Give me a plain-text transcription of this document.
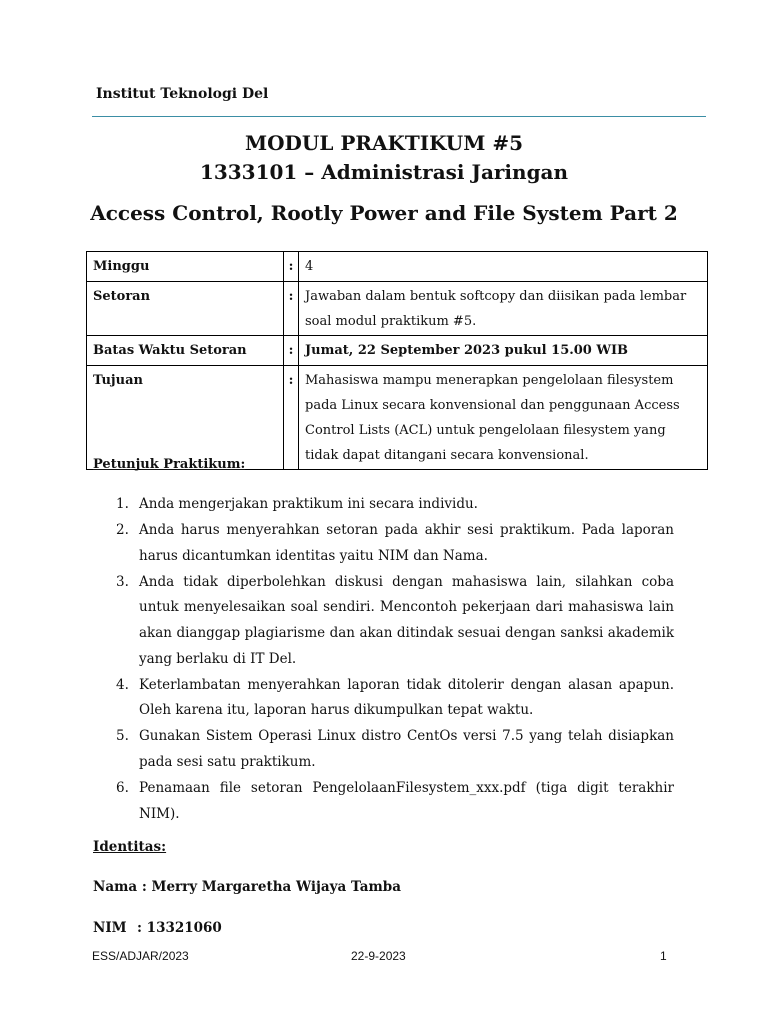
Institut Teknologi Del
MODUL PRAKTIKUM #5
1333101 – Administrasi Jaringan
Access Control, Rootly Power and File System Part 2
Minggu	:	4
Setoran	:	Jawaban dalam bentuk softcopy dan diisikan pada lembar soal modul praktikum #5.
Batas Waktu Setoran	:	Jumat, 22 September 2023 pukul 15.00 WIB
Tujuan	:	Mahasiswa mampu menerapkan pengelolaan filesystem pada Linux secara konvensional dan penggunaan Access Control Lists (ACL) untuk pengelolaan filesystem yang tidak dapat ditangani secara konvensional.
Petunjuk Praktikum:
1. Anda mengerjakan praktikum ini secara individu.
2. Anda harus menyerahkan setoran pada akhir sesi praktikum. Pada laporan harus dicantumkan identitas yaitu NIM dan Nama.
3. Anda tidak diperbolehkan diskusi dengan mahasiswa lain, silahkan coba untuk menyelesaikan soal sendiri. Mencontoh pekerjaan dari mahasiswa lain akan dianggap plagiarisme dan akan ditindak sesuai dengan sanksi akademik yang berlaku di IT Del.
4. Keterlambatan menyerahkan laporan tidak ditolerir dengan alasan apapun. Oleh karena itu, laporan harus dikumpulkan tepat waktu.
5. Gunakan Sistem Operasi Linux distro CentOs versi 7.5 yang telah disiapkan pada sesi satu praktikum.
6. Penamaan file setoran PengelolaanFilesystem_xxx.pdf (tiga digit terakhir NIM).
Identitas:
Nama : Merry Margaretha Wijaya Tamba
NIM : 13321060
ESS/ADJAR/2023	22-9-2023	1
